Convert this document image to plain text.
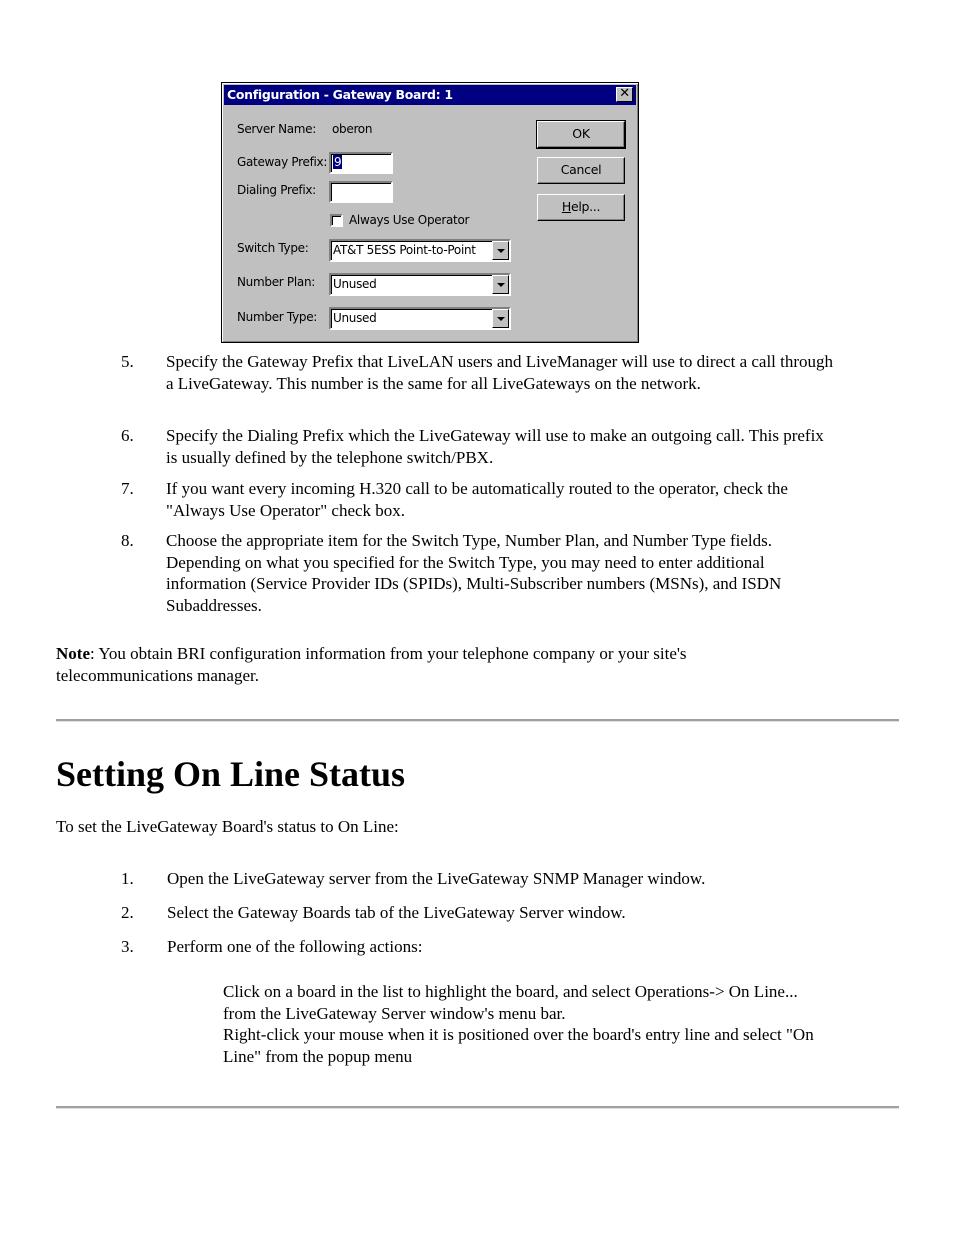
Configuration - Gateway Board: 1	✕
Server Name: oberon
Gateway Prefix: 9
Dialing Prefix:
Always Use Operator
Switch Type:	AT&T 5ESS Point-to-Point
Number Plan:	Unused
Number Type:	Unused
OK
Cancel
Help...
5. Specify the Gateway Prefix that LiveLAN users and LiveManager will use to direct a call through a LiveGateway. This number is the same for all LiveGateways on the network.
6. Specify the Dialing Prefix which the LiveGateway will use to make an outgoing call. This prefix is usually defined by the telephone switch/PBX.
7. If you want every incoming H.320 call to be automatically routed to the operator, check the "Always Use Operator" check box.
8. Choose the appropriate item for the Switch Type, Number Plan, and Number Type fields. Depending on what you specified for the Switch Type, you may need to enter additional information (Service Provider IDs (SPIDs), Multi-Subscriber numbers (MSNs), and ISDN Subaddresses.
Note: You obtain BRI configuration information from your telephone company or your site's telecommunications manager.
Setting On Line Status
To set the LiveGateway Board's status to On Line:
1. Open the LiveGateway server from the LiveGateway SNMP Manager window.
2. Select the Gateway Boards tab of the LiveGateway Server window.
3. Perform one of the following actions:
Click on a board in the list to highlight the board, and select Operations-> On Line... from the LiveGateway Server window's menu bar.
Right-click your mouse when it is positioned over the board's entry line and select "On Line" from the popup menu
